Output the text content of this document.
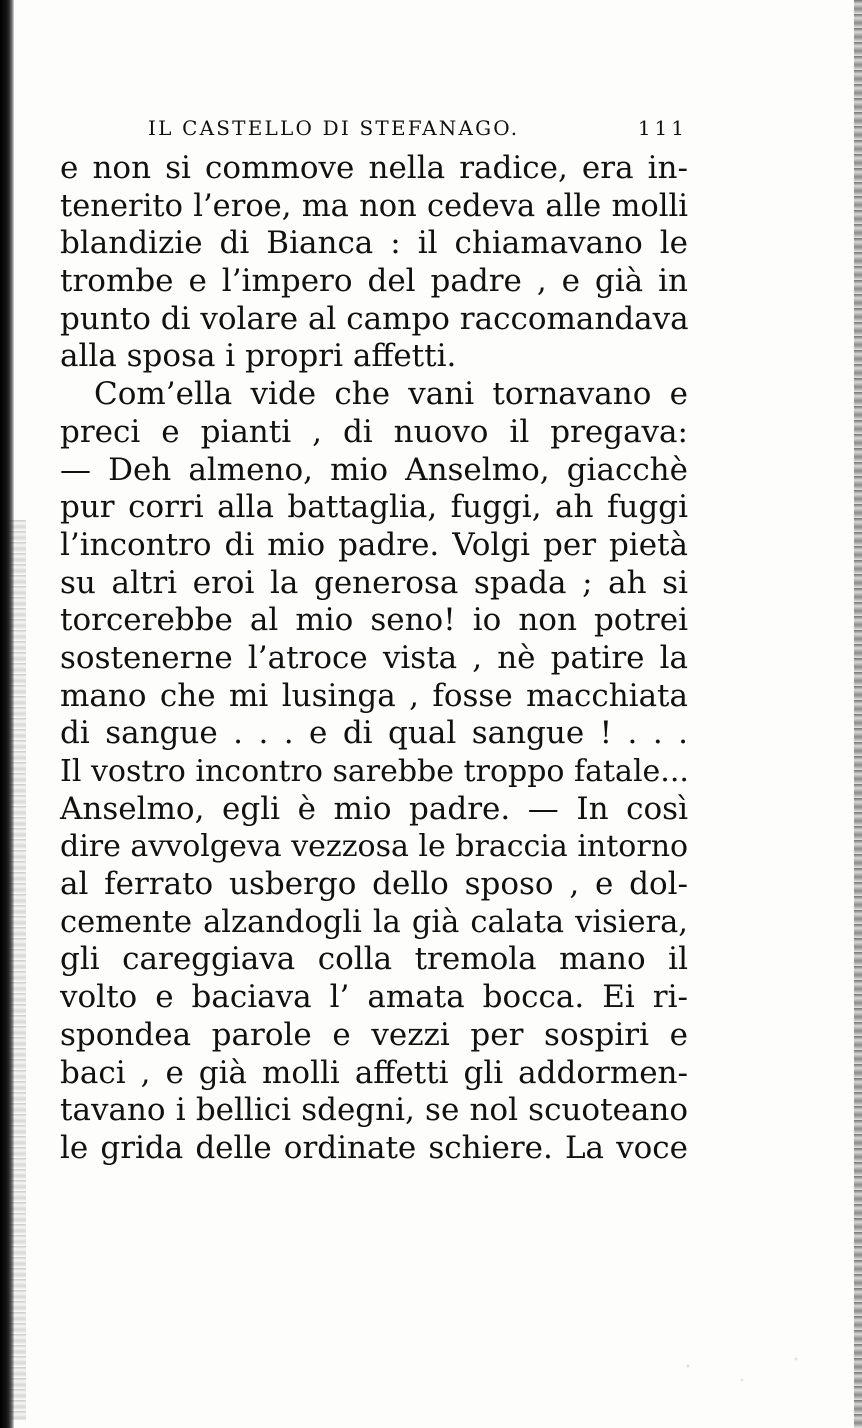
IL CASTELLO DI STEFANAGO.	111
e non si commove nella radice, era in-
tenerito l’eroe, ma non cedeva alle molli
blandizie di Bianca : il chiamavano le
trombe e l’impero del padre , e già in
punto di volare al campo raccomandava
alla sposa i propri affetti.
Com’ella vide che vani tornavano e
preci e pianti , di nuovo il pregava:
— Deh almeno, mio Anselmo, giacchè
pur corri alla battaglia, fuggi, ah fuggi
l’incontro di mio padre. Volgi per pietà
su altri eroi la generosa spada ; ah si
torcerebbe al mio seno! io non potrei
sostenerne l’atroce vista , nè patire la
mano che mi lusinga , fosse macchiata
di sangue . . . e di qual sangue ! . . .
Il vostro incontro sarebbe troppo fatale...
Anselmo, egli è mio padre. — In così
dire avvolgeva vezzosa le braccia intorno
al ferrato usbergo dello sposo , e dol-
cemente alzandogli la già calata visiera,
gli careggiava colla tremola mano il
volto e baciava l’ amata bocca. Ei ri-
spondea parole e vezzi per sospiri e
baci , e già molli affetti gli addormen-
tavano i bellici sdegni, se nol scuoteano
le grida delle ordinate schiere. La voce
